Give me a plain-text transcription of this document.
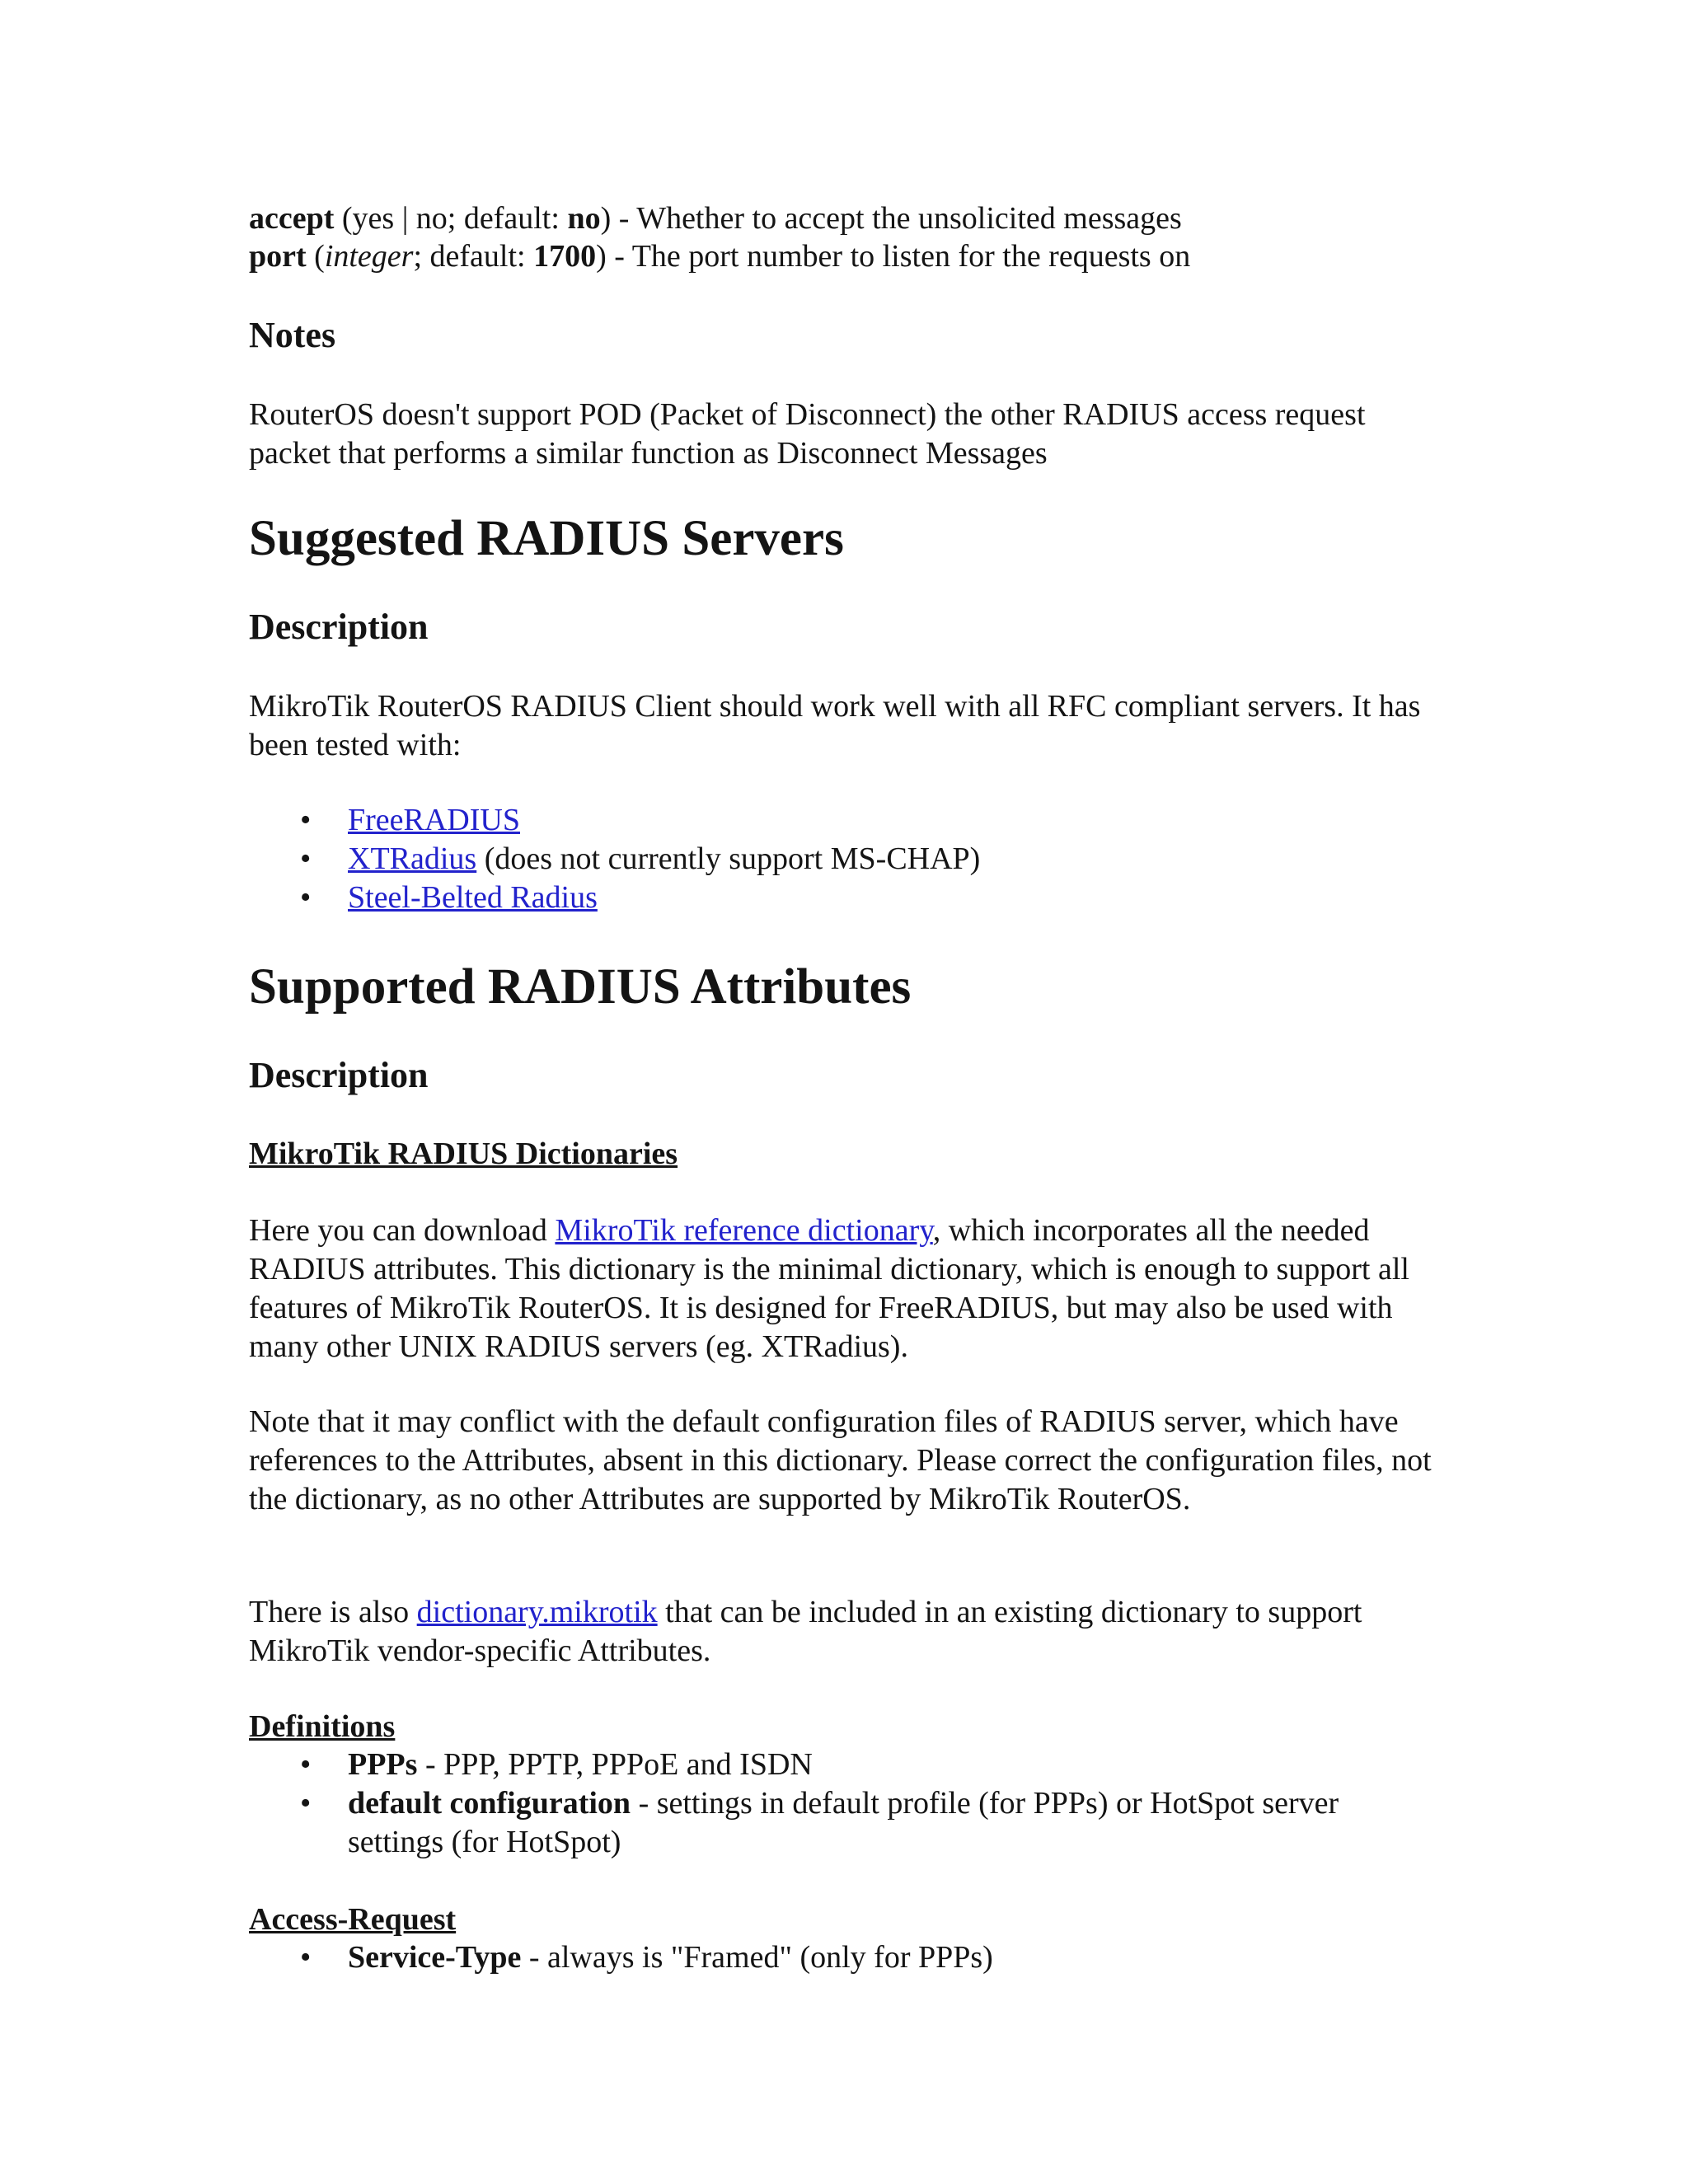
accept (yes | no; default: no) - Whether to accept the unsolicited messages

port (integer; default: 1700) - The port number to listen for the requests on

Notes

RouterOS doesn't support POD (Packet of Disconnect) the other RADIUS access request packet that performs a similar function as Disconnect Messages

Suggested RADIUS Servers
Description

MikroTik RouterOS RADIUS Client should work well with all RFC compliant servers. It has been tested with:

• FreeRADIUS
• XTRadius (does not currently support MS-CHAP)
• Steel-Belted Radius
Supported RADIUS Attributes
Description

MikroTik RADIUS Dictionaries

Here you can download MikroTik reference dictionary, which incorporates all the needed RADIUS attributes. This dictionary is the minimal dictionary, which is enough to support all features of MikroTik RouterOS. It is designed for FreeRADIUS, but may also be used with many other UNIX RADIUS servers (eg. XTRadius).

Note that it may conflict with the default configuration files of RADIUS server, which have references to the Attributes, absent in this dictionary. Please correct the configuration files, not the dictionary, as no other Attributes are supported by MikroTik RouterOS.

There is also dictionary.mikrotik that can be included in an existing dictionary to support MikroTik vendor-specific Attributes.

Definitions

• PPPs - PPP, PPTP, PPPoE and ISDN
• default configuration - settings in default profile (for PPPs) or HotSpot server settings (for HotSpot)

Access-Request

• Service-Type - always is "Framed" (only for PPPs)
